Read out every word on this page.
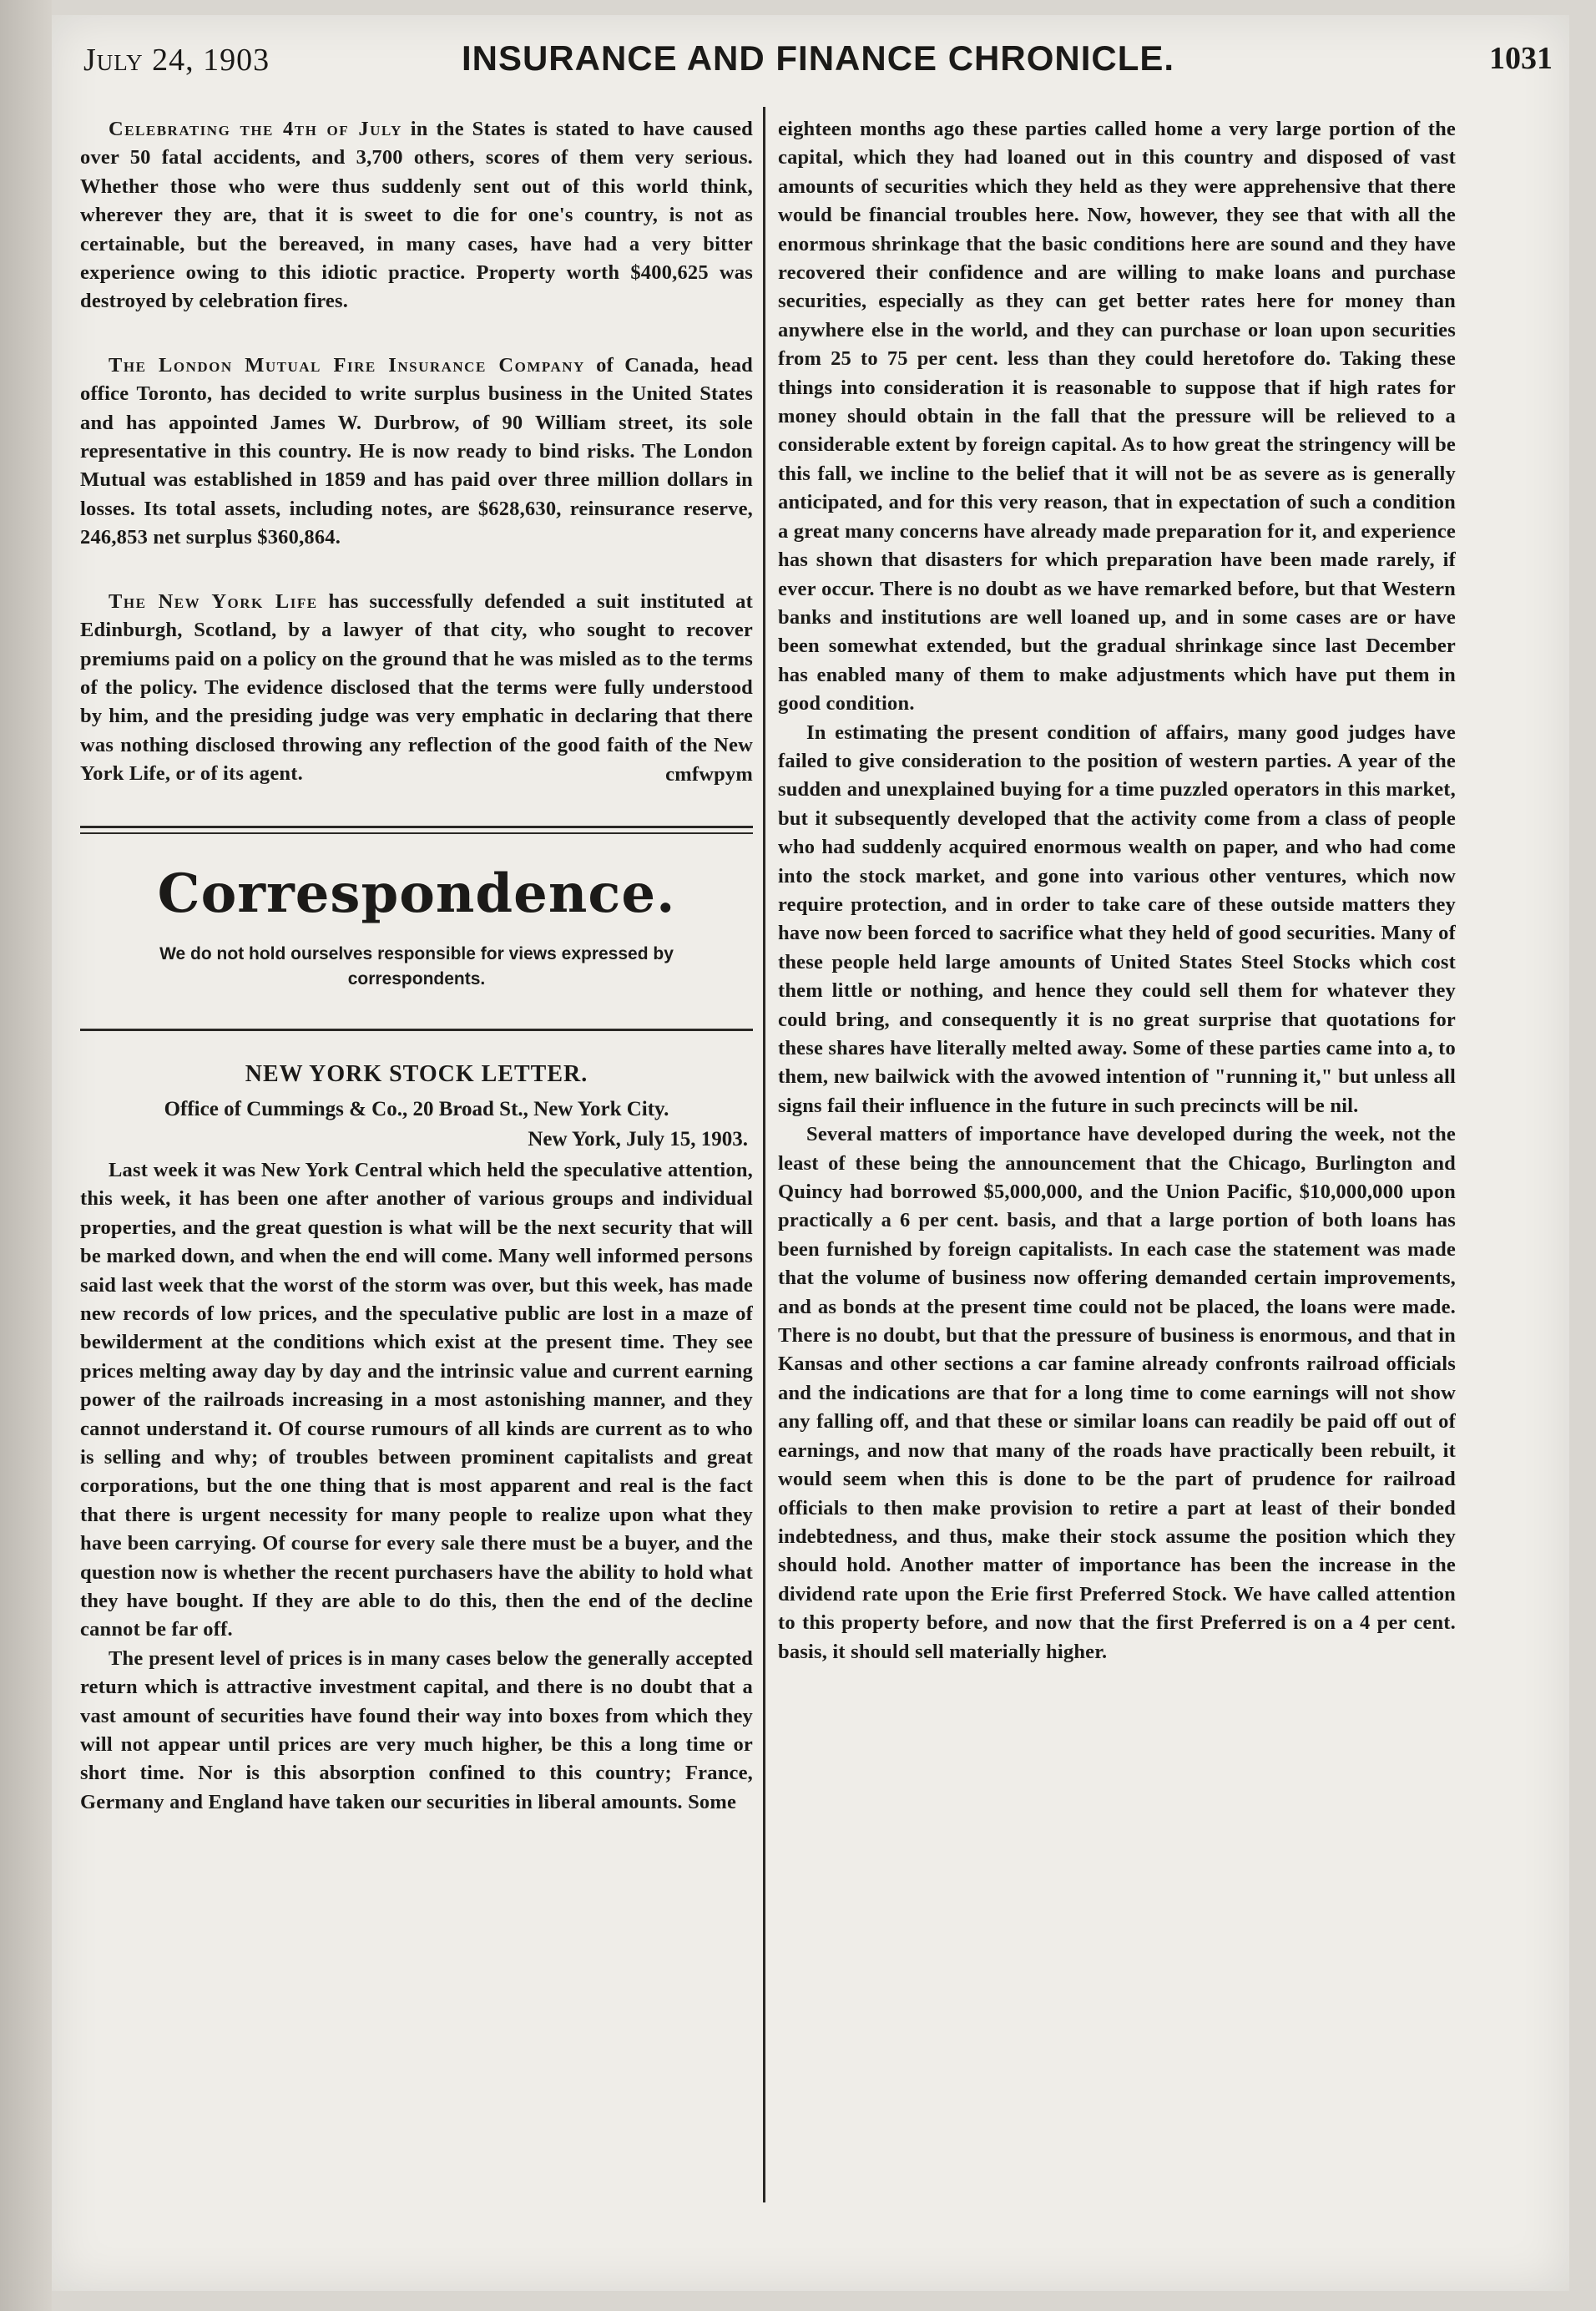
July 24, 1903	INSURANCE AND FINANCE CHRONICLE.	1031

Celebrating the 4th of July in the States is stated to have caused over 50 fatal accidents, and 3,700 others, scores of them very serious. Whether those who were thus suddenly sent out of this world think, wherever they are, that it is sweet to die for one's country, is not as certainable, but the bereaved, in many cases, have had a very bitter experience owing to this idiotic practice. Property worth $400,625 was destroyed by celebration fires.

The London Mutual Fire Insurance Company of Canada, head office Toronto, has decided to write surplus business in the United States and has appointed James W. Durbrow, of 90 William street, its sole representative in this country. He is now ready to bind risks. The London Mutual was established in 1859 and has paid over three million dollars in losses. Its total assets, including notes, are $628,630, reinsurance reserve, 246,853 net surplus $360,864.

The New York Life has successfully defended a suit instituted at Edinburgh, Scotland, by a lawyer of that city, who sought to recover premiums paid on a policy on the ground that he was misled as to the terms of the policy. The evidence disclosed that the terms were fully understood by him, and the presiding judge was very emphatic in declaring that there was nothing disclosed throwing any reflection of the good faith of the New York Life, or of its agent.	cmfwpym

Correspondence.
We do not hold ourselves responsible for views expressed by correspondents.
NEW YORK STOCK LETTER.
Office of Cummings & Co., 20 Broad St., New York City.
New York, July 15, 1903.

Last week it was New York Central which held the speculative attention, this week, it has been one after another of various groups and individual properties, and the great question is what will be the next security that will be marked down, and when the end will come. Many well informed persons said last week that the worst of the storm was over, but this week, has made new records of low prices, and the speculative public are lost in a maze of bewilderment at the conditions which exist at the present time. They see prices melting away day by day and the intrinsic value and current earning power of the railroads increasing in a most astonishing manner, and they cannot understand it. Of course rumours of all kinds are current as to who is selling and why; of troubles between prominent capitalists and great corporations, but the one thing that is most apparent and real is the fact that there is urgent necessity for many people to realize upon what they have been carrying. Of course for every sale there must be a buyer, and the question now is whether the recent purchasers have the ability to hold what they have bought. If they are able to do this, then the end of the decline cannot be far off.

The present level of prices is in many cases below the generally accepted return which is attractive investment capital, and there is no doubt that a vast amount of securities have found their way into boxes from which they will not appear until prices are very much higher, be this a long time or short time. Nor is this absorption confined to this country; France, Germany and England have taken our securities in liberal amounts. Some

eighteen months ago these parties called home a very large portion of the capital, which they had loaned out in this country and disposed of vast amounts of securities which they held as they were apprehensive that there would be financial troubles here. Now, however, they see that with all the enormous shrinkage that the basic conditions here are sound and they have recovered their confidence and are willing to make loans and purchase securities, especially as they can get better rates here for money than anywhere else in the world, and they can purchase or loan upon securities from 25 to 75 per cent. less than they could heretofore do. Taking these things into consideration it is reasonable to suppose that if high rates for money should obtain in the fall that the pressure will be relieved to a considerable extent by foreign capital. As to how great the stringency will be this fall, we incline to the belief that it will not be as severe as is generally anticipated, and for this very reason, that in expectation of such a condition a great many concerns have already made preparation for it, and experience has shown that disasters for which preparation have been made rarely, if ever occur. There is no doubt as we have remarked before, but that Western banks and institutions are well loaned up, and in some cases are or have been somewhat extended, but the gradual shrinkage since last December has enabled many of them to make adjustments which have put them in good condition.

In estimating the present condition of affairs, many good judges have failed to give consideration to the position of western parties. A year of the sudden and unexplained buying for a time puzzled operators in this market, but it subsequently developed that the activity come from a class of people who had suddenly acquired enormous wealth on paper, and who had come into the stock market, and gone into various other ventures, which now require protection, and in order to take care of these outside matters they have now been forced to sacrifice what they held of good securities. Many of these people held large amounts of United States Steel Stocks which cost them little or nothing, and hence they could sell them for whatever they could bring, and consequently it is no great surprise that quotations for these shares have literally melted away. Some of these parties came into a, to them, new bailwick with the avowed intention of "running it," but unless all signs fail their influence in the future in such precincts will be nil.

Several matters of importance have developed during the week, not the least of these being the announcement that the Chicago, Burlington and Quincy had borrowed $5,000,000, and the Union Pacific, $10,000,000 upon practically a 6 per cent. basis, and that a large portion of both loans has been furnished by foreign capitalists. In each case the statement was made that the volume of business now offering demanded certain improvements, and as bonds at the present time could not be placed, the loans were made. There is no doubt, but that the pressure of business is enormous, and that in Kansas and other sections a car famine already confronts railroad officials and the indications are that for a long time to come earnings will not show any falling off, and that these or similar loans can readily be paid off out of earnings, and now that many of the roads have practically been rebuilt, it would seem when this is done to be the part of prudence for railroad officials to then make provision to retire a part at least of their bonded indebtedness, and thus, make their stock assume the position which they should hold. Another matter of importance has been the increase in the dividend rate upon the Erie first Preferred Stock. We have called attention to this property before, and now that the first Preferred is on a 4 per cent. basis, it should sell materially higher.
